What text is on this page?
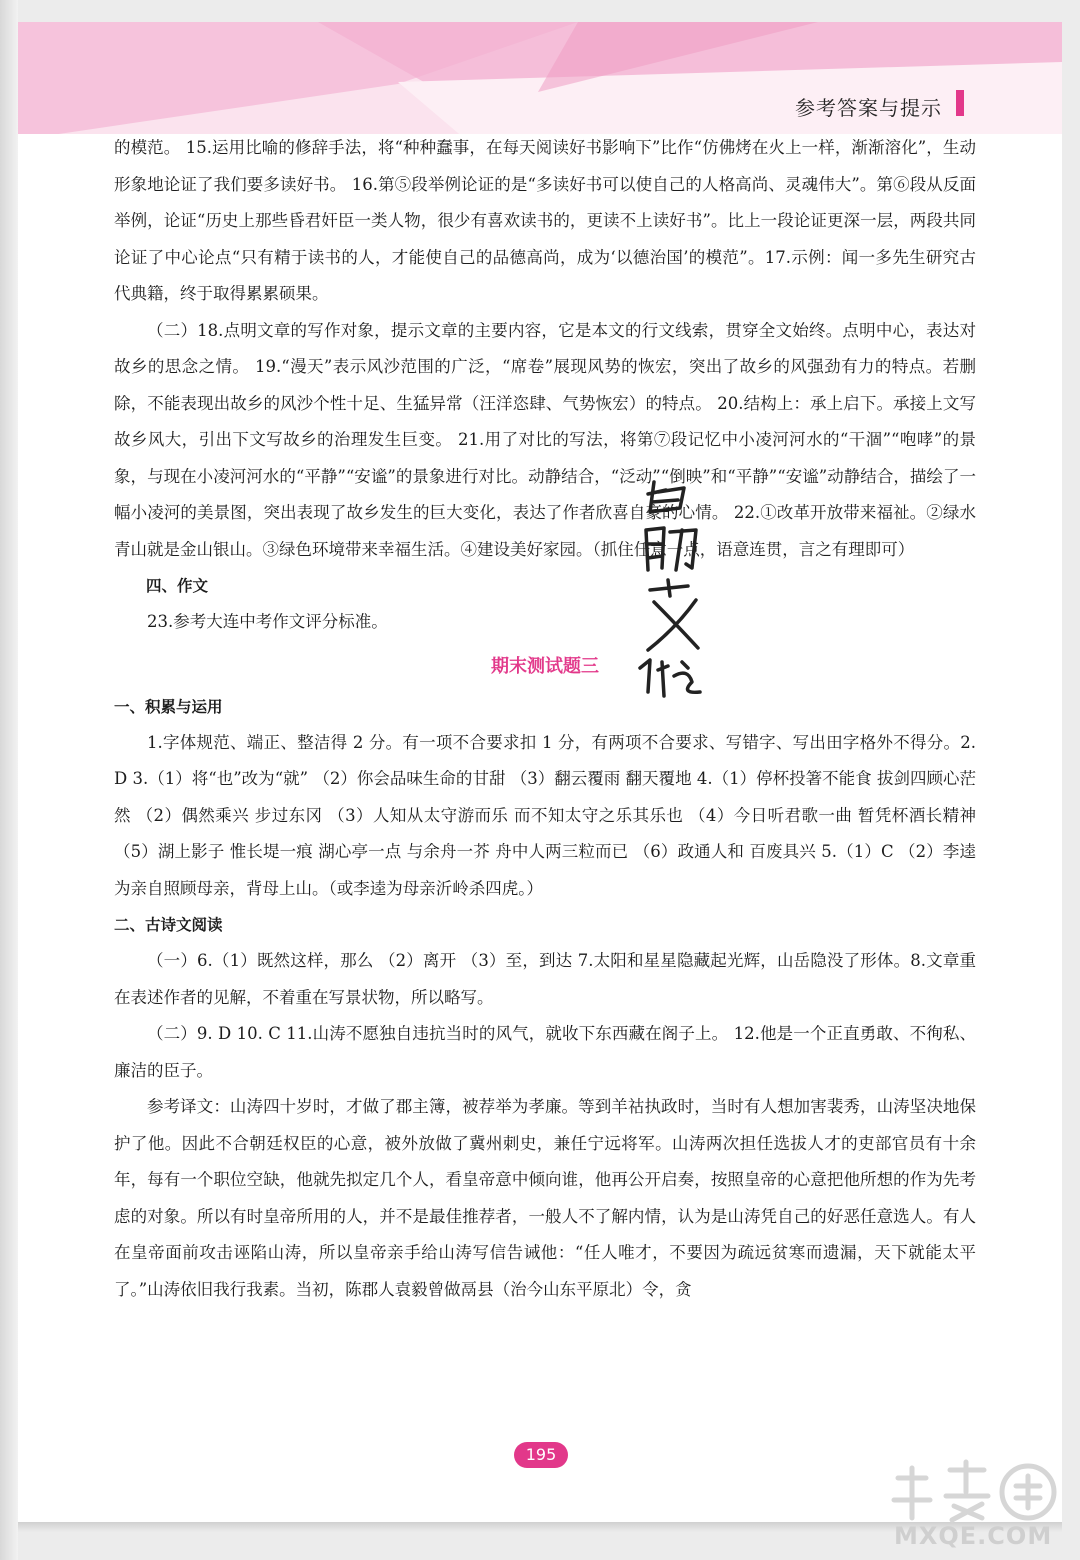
参考答案与提示

的模范。 15.运用比喻的修辞手法，将“种种蠢事，在每天阅读好书影响下”比作“仿佛烤在火上一样，渐渐溶化”，生动形象地论证了我们要多读好书。 16.第⑤段举例论证的是“多读好书可以使自己的人格高尚、灵魂伟大”。第⑥段从反面举例，论证“历史上那些昏君奸臣一类人物，很少有喜欢读书的，更读不上读好书”。比上一段论证更深一层，两段共同论证了中心论点“只有精于读书的人，才能使自己的品德高尚，成为‘以德治国’的模范”。17.示例：闻一多先生研究古代典籍，终于取得累累硕果。

（二）18.点明文章的写作对象，提示文章的主要内容，它是本文的行文线索，贯穿全文始终。点明中心，表达对故乡的思念之情。 19.“漫天”表示风沙范围的广泛，“席卷”展现风势的恢宏，突出了故乡的风强劲有力的特点。若删除，不能表现出故乡的风沙个性十足、生猛异常（汪洋恣肆、气势恢宏）的特点。 20.结构上：承上启下。承接上文写故乡风大，引出下文写故乡的治理发生巨变。 21.用了对比的写法，将第⑦段记忆中小凌河河水的“干涸”“咆哮”的景象，与现在小凌河河水的“平静”“安谧”的景象进行对比。动静结合，“泛动”“倒映”和“平静”“安谧”动静结合，描绘了一幅小凌河的美景图，突出表现了故乡发生的巨大变化，表达了作者欣喜自豪的心情。 22.①改革开放带来福祉。②绿水青山就是金山银山。③绿色环境带来幸福生活。④建设美好家园。（抓住任意一点，语意连贯，言之有理即可）

四、作文

23.参考大连中考作文评分标准。

期末测试题三

一、积累与运用

1.字体规范、端正、整洁得 2 分。有一项不合要求扣 1 分，有两项不合要求、写错字、写出田字格外不得分。2. D 3.（1）将“也”改为“就” （2）你会品味生命的甘甜 （3）翻云覆雨 翻天覆地 4.（1）停杯投箸不能食 拔剑四顾心茫然 （2）偶然乘兴 步过东冈 （3）人知从太守游而乐 而不知太守之乐其乐也 （4）今日听君歌一曲 暂凭杯酒长精神 （5）湖上影子 惟长堤一痕 湖心亭一点 与余舟一芥 舟中人两三粒而已 （6）政通人和 百废具兴 5.（1）C （2）李逵为亲自照顾母亲，背母上山。（或李逵为母亲沂岭杀四虎。）

二、古诗文阅读

（一）6.（1）既然这样，那么 （2）离开 （3）至，到达 7.太阳和星星隐藏起光辉，山岳隐没了形体。8.文章重在表述作者的见解，不着重在写景状物，所以略写。

（二）9. D 10. C 11.山涛不愿独自违抗当时的风气，就收下东西藏在阁子上。 12.他是一个正直勇敢、不徇私、廉洁的臣子。

参考译文：山涛四十岁时，才做了郡主簿，被荐举为孝廉。等到羊祜执政时，当时有人想加害裴秀，山涛坚决地保护了他。因此不合朝廷权臣的心意，被外放做了冀州刺史，兼任宁远将军。山涛两次担任选拔人才的吏部官员有十余年，每有一个职位空缺，他就先拟定几个人，看皇帝意中倾向谁，他再公开启奏，按照皇帝的心意把他所想的作为先考虑的对象。所以有时皇帝所用的人，并不是最佳推荐者，一般人不了解内情，认为是山涛凭自己的好恶任意选人。有人在皇帝面前攻击诬陷山涛，所以皇帝亲手给山涛写信告诫他：“任人唯才，不要因为疏远贫寒而遗漏，天下就能太平了。”山涛依旧我行我素。当初，陈郡人袁毅曾做鬲县（治今山东平原北）令，贪

195
MXQE.COM
